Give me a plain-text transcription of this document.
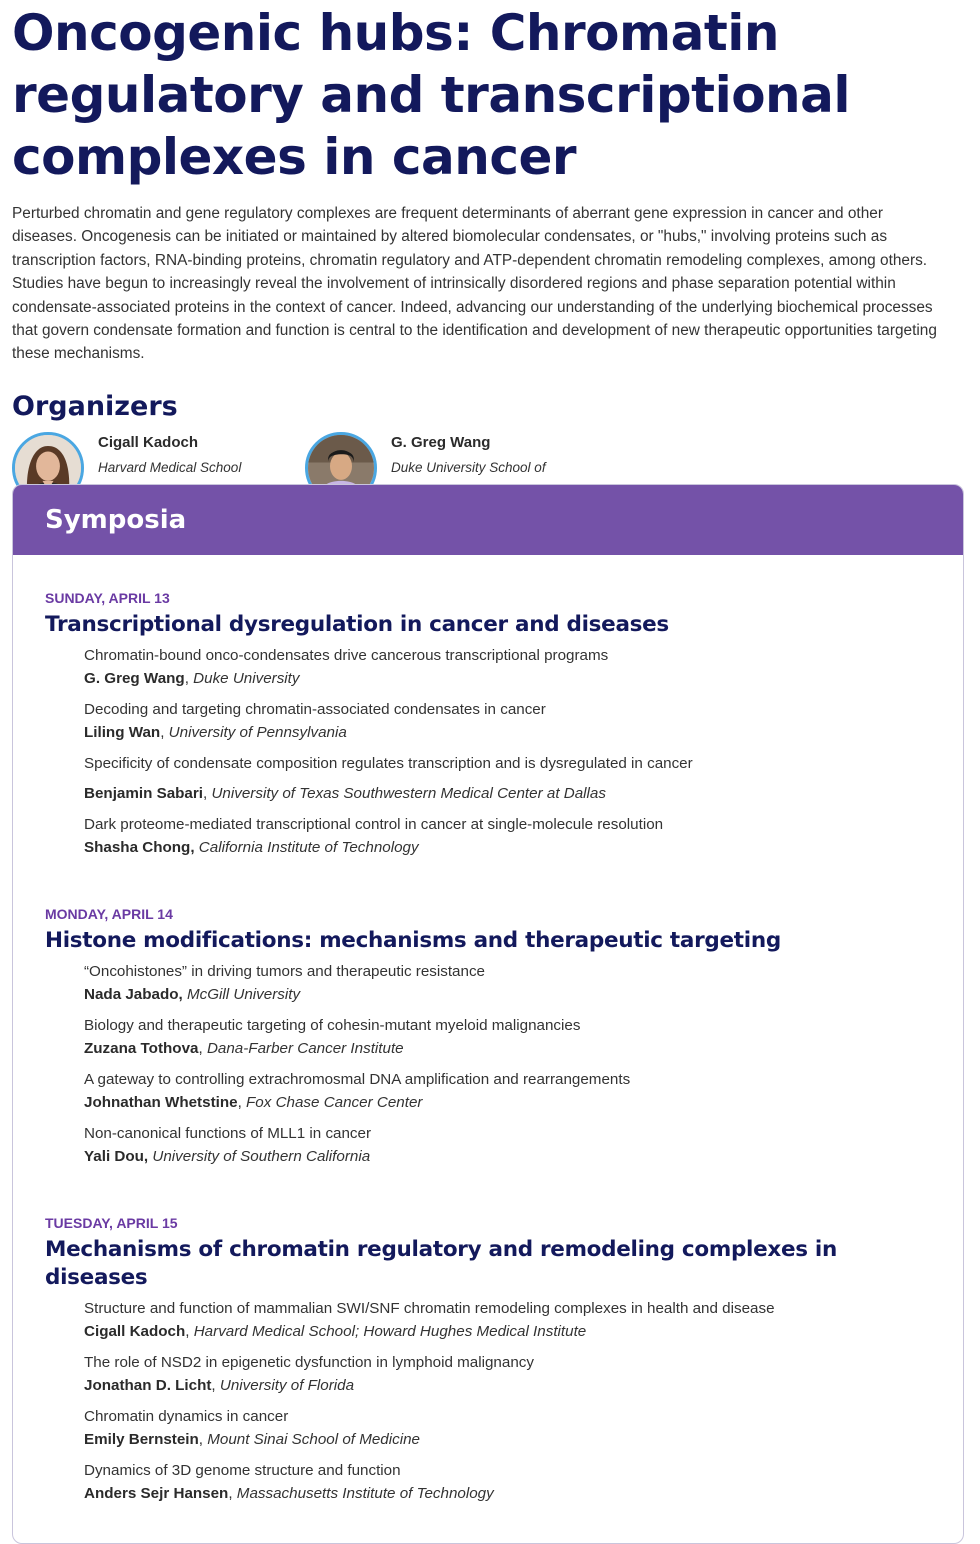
Oncogenic hubs: Chromatin regulatory and transcriptional complexes in cancer

Perturbed chromatin and gene regulatory complexes are frequent determinants of aberrant gene expression in cancer and other diseases. Oncogenesis can be initiated or maintained by altered biomolecular condensates, or "hubs," involving proteins such as transcription factors, RNA-binding proteins, chromatin regulatory and ATP-dependent chromatin remodeling complexes, among others. Studies have begun to increasingly reveal the involvement of intrinsically disordered regions and phase separation potential within condensate-associated proteins in the context of cancer. Indeed, advancing our understanding of the underlying biochemical processes that govern condensate formation and function is central to the identification and development of new therapeutic opportunities targeting these mechanisms.

Organizers
Cigall Kadoch
Harvard Medical School
G. Greg Wang
Duke University School of
Symposia
SUNDAY, APRIL 13
Transcriptional dysregulation in cancer and diseases
Chromatin-bound onco-condensates drive cancerous transcriptional programs
G. Greg Wang, Duke University
Decoding and targeting chromatin-associated condensates in cancer
Liling Wan, University of Pennsylvania
Specificity of condensate composition regulates transcription and is dysregulated in cancer
Benjamin Sabari, University of Texas Southwestern Medical Center at Dallas
Dark proteome-mediated transcriptional control in cancer at single-molecule resolution
Shasha Chong, California Institute of Technology
MONDAY, APRIL 14
Histone modifications: mechanisms and therapeutic targeting
“Oncohistones” in driving tumors and therapeutic resistance
Nada Jabado, McGill University
Biology and therapeutic targeting of cohesin-mutant myeloid malignancies
Zuzana Tothova, Dana-Farber Cancer Institute
A gateway to controlling extrachromosmal DNA amplification and rearrangements
Johnathan Whetstine, Fox Chase Cancer Center
Non-canonical functions of MLL1 in cancer
Yali Dou, University of Southern California
TUESDAY, APRIL 15
Mechanisms of chromatin regulatory and remodeling complexes in diseases
Structure and function of mammalian SWI/SNF chromatin remodeling complexes in health and disease
Cigall Kadoch, Harvard Medical School; Howard Hughes Medical Institute
The role of NSD2 in epigenetic dysfunction in lymphoid malignancy
Jonathan D. Licht, University of Florida
Chromatin dynamics in cancer
Emily Bernstein, Mount Sinai School of Medicine
Dynamics of 3D genome structure and function
Anders Sejr Hansen, Massachusetts Institute of Technology
